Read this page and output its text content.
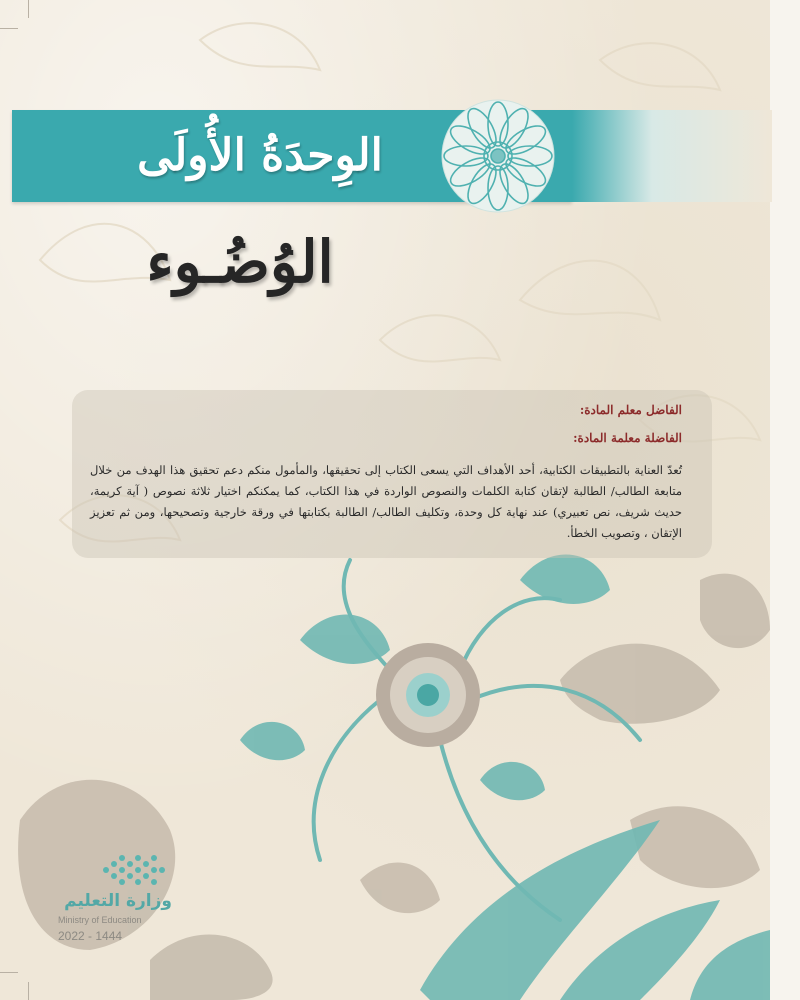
الوِحدَةُ الأُولَى
الوُضُـوء

الفاضل معلم المادة:

الفاضلة معلمة المادة:

تُعدّ العناية بالتطبيقات الكتابية، أحد الأهداف التي يسعى الكتاب إلى تحقيقها، والمأمول منكم دعم تحقيق هذا الهدف من خلال متابعة الطالب/ الطالبة لإتقان كتابة الكلمات والنصوص الواردة في هذا الكتاب، كما يمكنكم اختيار ثلاثة نصوص ( آية كريمة، حديث شريف، نص تعبيري) عند نهاية كل وحدة، وتكليف الطالب/ الطالبة بكتابتها في ورقة خارجية وتصحيحها، ومن ثم تعزيز الإتقان ، وتصويب الخطأ.
وزارة التعليم
Ministry of Education
2022 - 1444
